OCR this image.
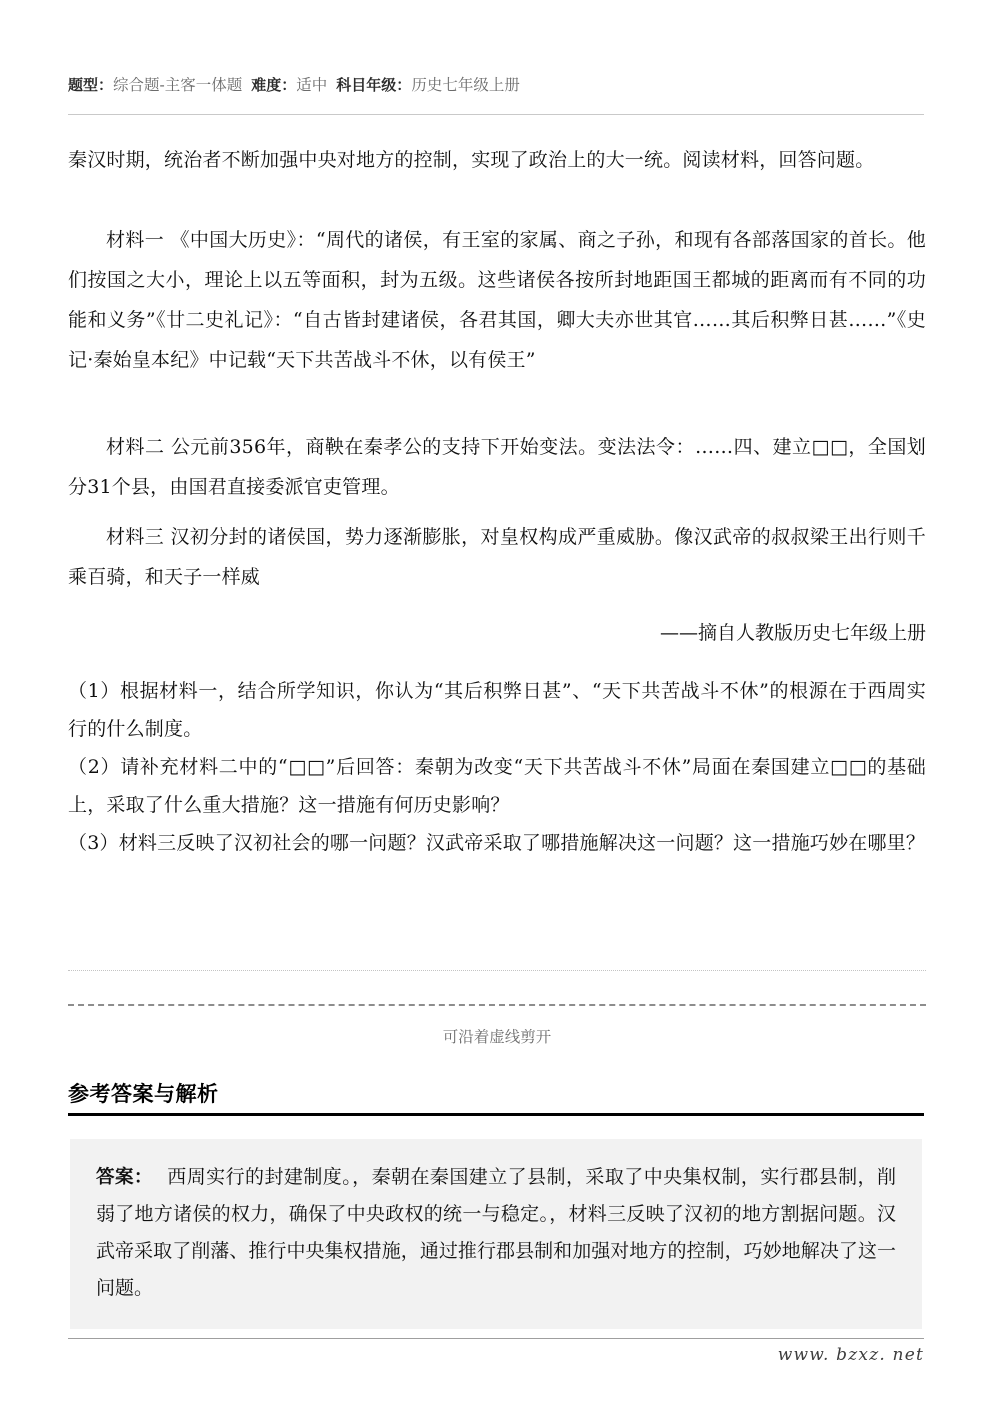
题型：综合题-主客一体题 难度：适中 科目年级：历史七年级上册
秦汉时期，统治者不断加强中央对地方的控制，实现了政治上的大一统。阅读材料，回答问题。
材料一 《中国大历史》：“周代的诸侯，有王室的家属、商之子孙，和现有各部落国家的首长。他们按国之大小，理论上以五等面积，封为五级。这些诸侯各按所封地距国王都城的距离而有不同的功能和义务”《廿二史礼记》：“自古皆封建诸侯，各君其国，卿大夫亦世其官……其后积弊日甚……”《史记·秦始皇本纪》中记载“天下共苦战斗不休，以有侯王”
材料二 公元前356年，商鞅在秦孝公的支持下开始变法。变法法令：……四、建立□□，全国划分31个县，由国君直接委派官吏管理。
材料三 汉初分封的诸侯国，势力逐渐膨胀，对皇权构成严重威胁。像汉武帝的叔叔梁王出行则千乘百骑，和天子一样威
——摘自人教版历史七年级上册
（1）根据材料一，结合所学知识，你认为“其后积弊日甚”、“天下共苦战斗不休”的根源在于西周实行的什么制度。
（2）请补充材料二中的“□□”后回答：秦朝为改变“天下共苦战斗不休”局面在秦国建立□□的基础上，采取了什么重大措施？这一措施有何历史影响？
（3）材料三反映了汉初社会的哪一问题？汉武帝采取了哪措施解决这一问题？这一措施巧妙在哪里？
可沿着虚线剪开
参考答案与解析
答案： 西周实行的封建制度。，秦朝在秦国建立了县制，采取了中央集权制，实行郡县制，削弱了地方诸侯的权力，确保了中央政权的统一与稳定。，材料三反映了汉初的地方割据问题。汉武帝采取了削藩、推行中央集权措施，通过推行郡县制和加强对地方的控制，巧妙地解决了这一问题。
www. bzxz. net
